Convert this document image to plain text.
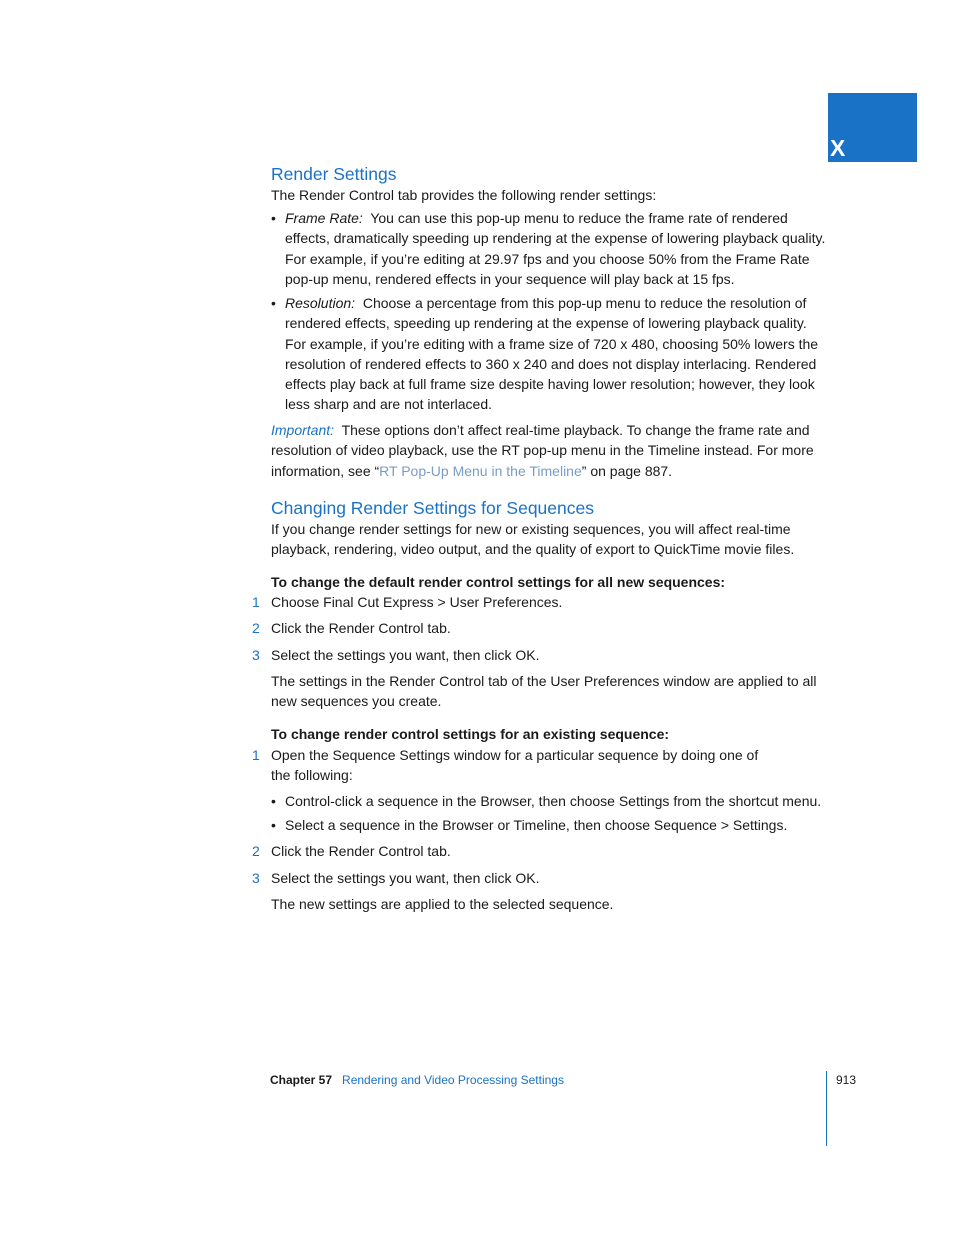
X
Render Settings
The Render Control tab provides the following render settings:
• Frame Rate: You can use this pop-up menu to reduce the frame rate of rendered effects, dramatically speeding up rendering at the expense of lowering playback quality. For example, if you’re editing at 29.97 fps and you choose 50% from the Frame Rate pop-up menu, rendered effects in your sequence will play back at 15 fps.
• Resolution: Choose a percentage from this pop-up menu to reduce the resolution of rendered effects, speeding up rendering at the expense of lowering playback quality. For example, if you’re editing with a frame size of 720 x 480, choosing 50% lowers the resolution of rendered effects to 360 x 240 and does not display interlacing. Rendered effects play back at full frame size despite having lower resolution; however, they look less sharp and are not interlaced.
Important: These options don’t affect real-time playback. To change the frame rate and resolution of video playback, use the RT pop-up menu in the Timeline instead. For more information, see “RT Pop-Up Menu in the Timeline” on page 887.
Changing Render Settings for Sequences
If you change render settings for new or existing sequences, you will affect real-time playback, rendering, video output, and the quality of export to QuickTime movie files.
To change the default render control settings for all new sequences:
1 Choose Final Cut Express > User Preferences.
2 Click the Render Control tab.
3 Select the settings you want, then click OK.
The settings in the Render Control tab of the User Preferences window are applied to all new sequences you create.
To change render control settings for an existing sequence:
1 Open the Sequence Settings window for a particular sequence by doing one of the following:
• Control-click a sequence in the Browser, then choose Settings from the shortcut menu.
• Select a sequence in the Browser or Timeline, then choose Sequence > Settings.
2 Click the Render Control tab.
3 Select the settings you want, then click OK.
The new settings are applied to the selected sequence.
Chapter 57 Rendering and Video Processing Settings	913
